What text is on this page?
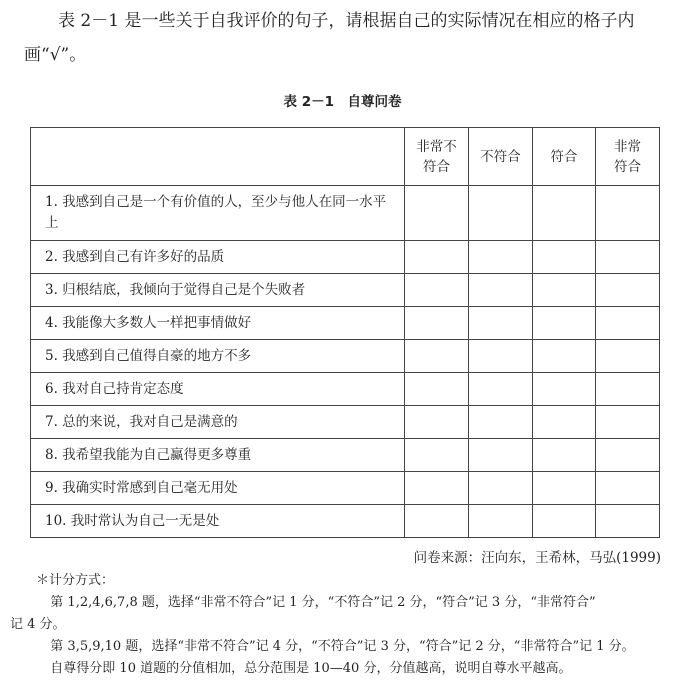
表 2－1 是一些关于自我评价的句子，请根据自己的实际情况在相应的格子内画“√”。
表 2－1　自尊问卷
	非常不符合	不符合	符合	非常符合
1. 我感到自己是一个有价值的人，至少与他人在同一水平上				
2. 我感到自己有许多好的品质				
3. 归根结底，我倾向于觉得自己是个失败者				
4. 我能像大多数人一样把事情做好				
5. 我感到自己值得自豪的地方不多				
6. 我对自己持肯定态度				
7. 总的来说，我对自己是满意的				
8. 我希望我能为自己赢得更多尊重				
9. 我确实时常感到自己毫无用处				
10. 我时常认为自己一无是处				
问卷来源：汪向东，王希林，马弘(1999)

＊计分方式：

第 1,2,4,6,7,8 题，选择“非常不符合”记 1 分，“不符合”记 2 分，“符合”记 3 分，“非常符合”

记 4 分。

第 3,5,9,10 题，选择“非常不符合”记 4 分，“不符合”记 3 分，“符合”记 2 分，“非常符合”记 1 分。

自尊得分即 10 道题的分值相加，总分范围是 10—40 分，分值越高，说明自尊水平越高。
